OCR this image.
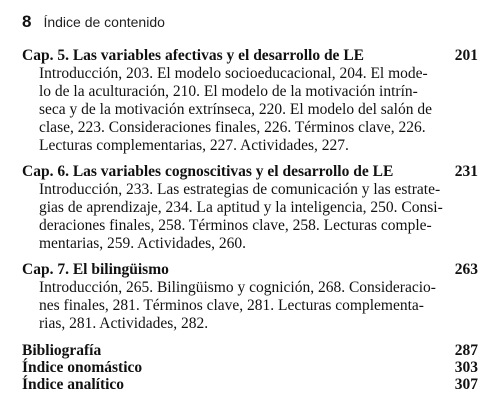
8 Índice de contenido
Cap. 5. Las variables afectivas y el desarrollo de LE	201

Introducción, 203. El modelo socioeducacional, 204. El mode-
lo de la aculturación, 210. El modelo de la motivación intrín-
seca y de la motivación extrínseca, 220. El modelo del salón de
clase, 223. Consideraciones finales, 226. Términos clave, 226.
Lecturas complementarias, 227. Actividades, 227.

Cap. 6. Las variables cognoscitivas y el desarrollo de LE	231

Introducción, 233. Las estrategias de comunicación y las estrate-
gias de aprendizaje, 234. La aptitud y la inteligencia, 250. Consi-
deraciones finales, 258. Términos clave, 258. Lecturas comple-
mentarias, 259. Actividades, 260.

Cap. 7. El bilingüismo	263

Introducción, 265. Bilingüismo y cognición, 268. Consideracio-
nes finales, 281. Términos clave, 281. Lecturas complementa-
rias, 281. Actividades, 282.

Bibliografía	287
Índice onomástico	303
Índice analítico	307
